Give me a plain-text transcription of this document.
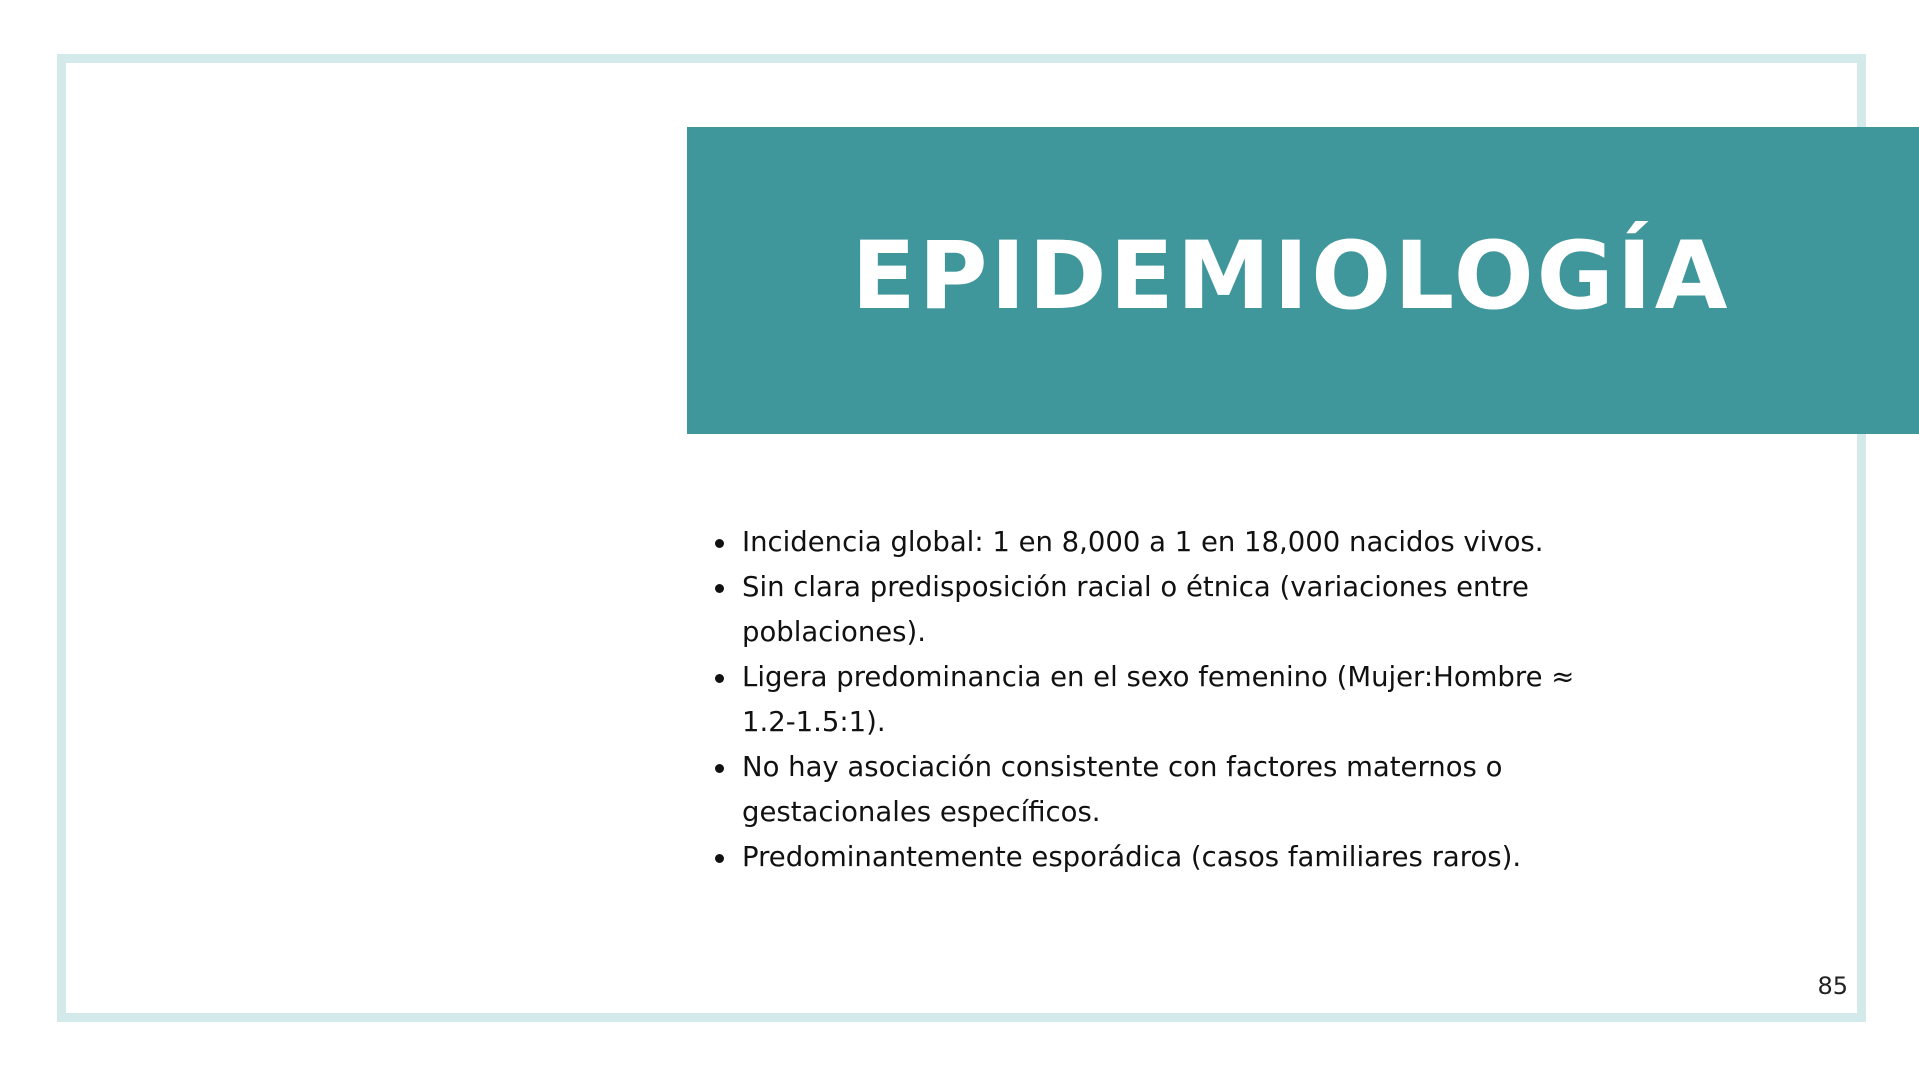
EPIDEMIOLOGÍA
Incidencia global: 1 en 8,000 a 1 en 18,000 nacidos vivos.
Sin clara predisposición racial o étnica (variaciones entre poblaciones).
Ligera predominancia en el sexo femenino (Mujer:Hombre ≈ 1.2-1.5:1).
No hay asociación consistente con factores maternos o gestacionales específicos.
Predominantemente esporádica (casos familiares raros).
85
